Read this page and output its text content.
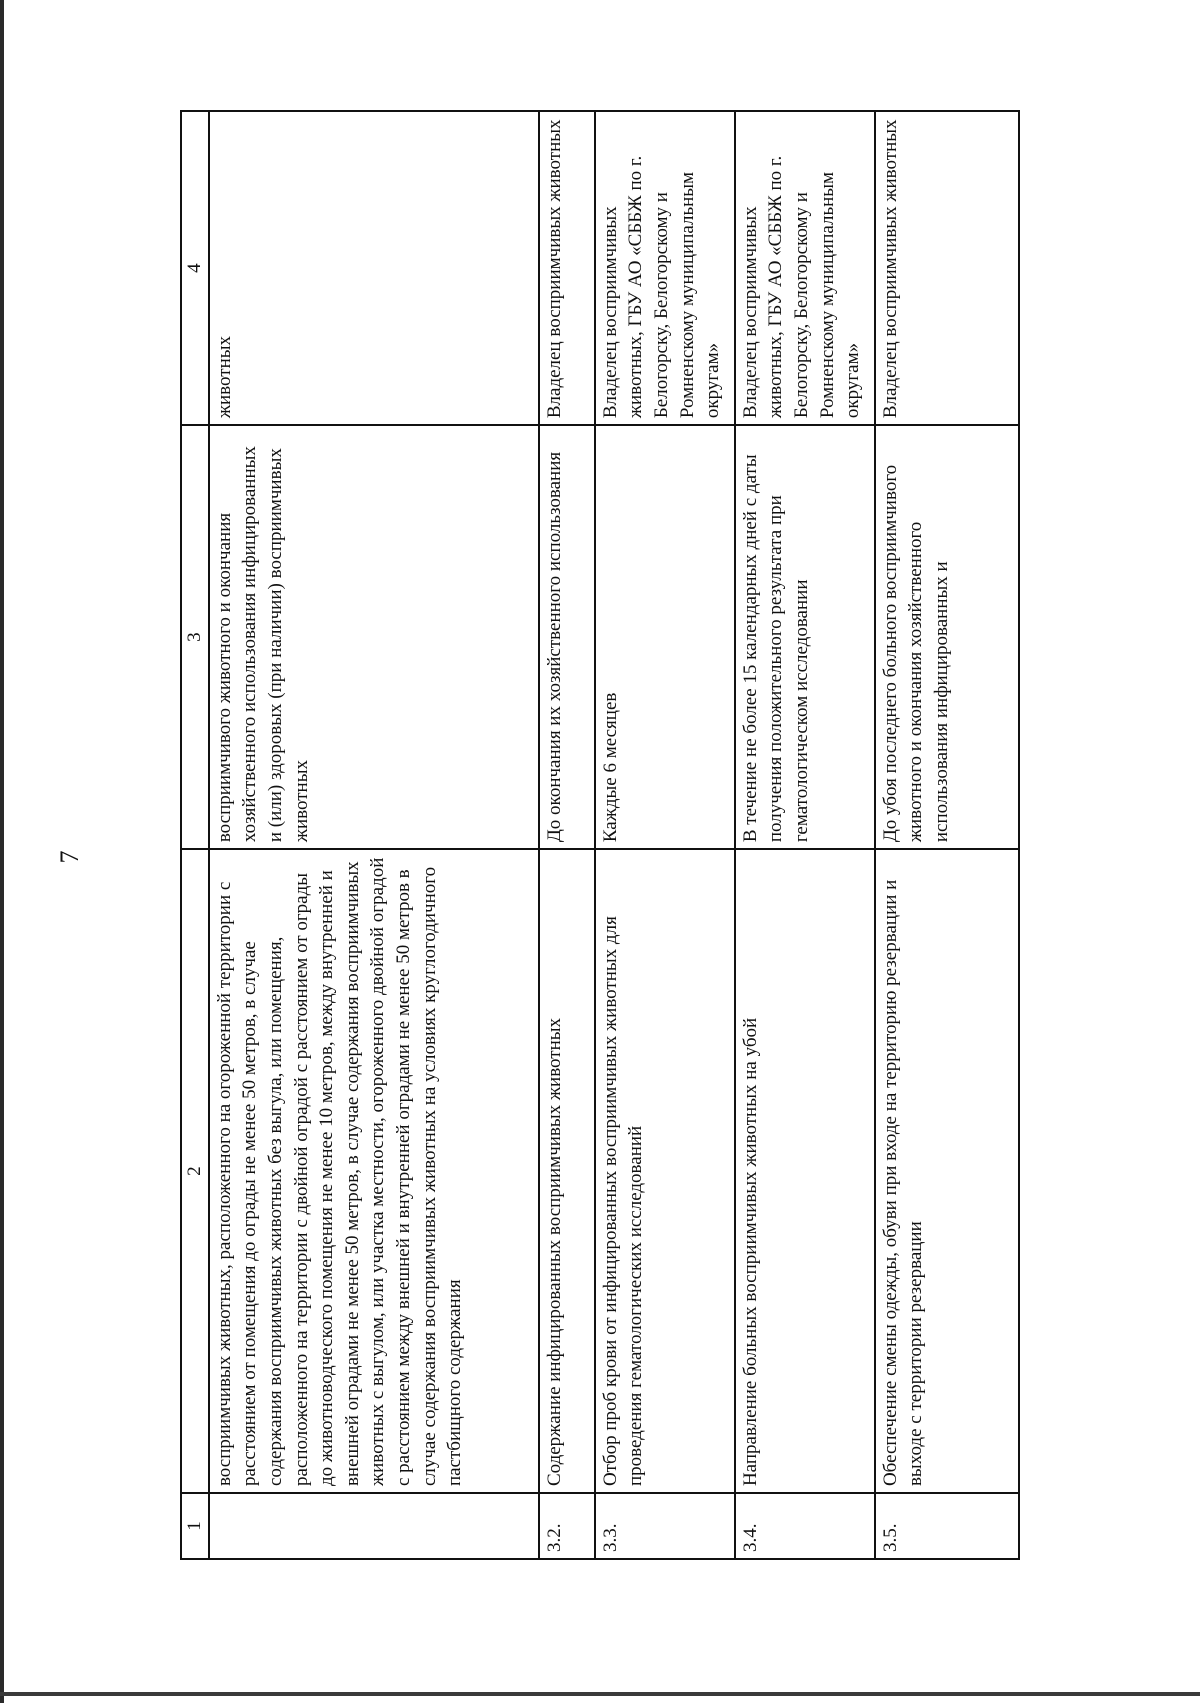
7
1	2	3	4
	восприимчивых животных, расположенного на огороженной территории с расстоянием от помещения до ограды не менее 50 метров, в случае содержания восприимчивых животных без выгула, или помещения, расположенного на территории с двойной оградой с расстоянием от ограды до животноводческого помещения не менее 10 метров, между внутренней и внешней оградами не менее 50 метров, в случае содержания восприимчивых животных с выгулом, или участка местности, огороженного двойной оградой с расстоянием между внешней и внутренней оградами не менее 50 метров в случае содержания восприимчивых животных на условиях круглогодичного пастбищного содержания	восприимчивого животного и окончания хозяйственного использования инфицированных и (или) здоровых (при наличии) восприимчивых животных	животных
3.2.	Содержание инфицированных восприимчивых животных	До окончания их хозяйственного использования	Владелец восприимчивых животных
3.3.	Отбор проб крови от инфицированных восприимчивых животных для проведения гематологических исследований	Каждые 6 месяцев	Владелец восприимчивых животных, ГБУ АО «СББЖ по г. Белогорску, Белогорскому и Ромненскому муниципальным округам»
3.4.	Направление больных восприимчивых животных на убой	В течение не более 15 календарных дней с даты получения положительного результата при гематологическом исследовании	Владелец восприимчивых животных, ГБУ АО «СББЖ по г. Белогорску, Белогорскому и Ромненскому муниципальным округам»
3.5.	Обеспечение смены одежды, обуви при входе на территорию резервации и выходе с территории резервации	До убоя последнего больного восприимчивого животного и окончания хозяйственного использования инфицированных и	Владелец восприимчивых животных
